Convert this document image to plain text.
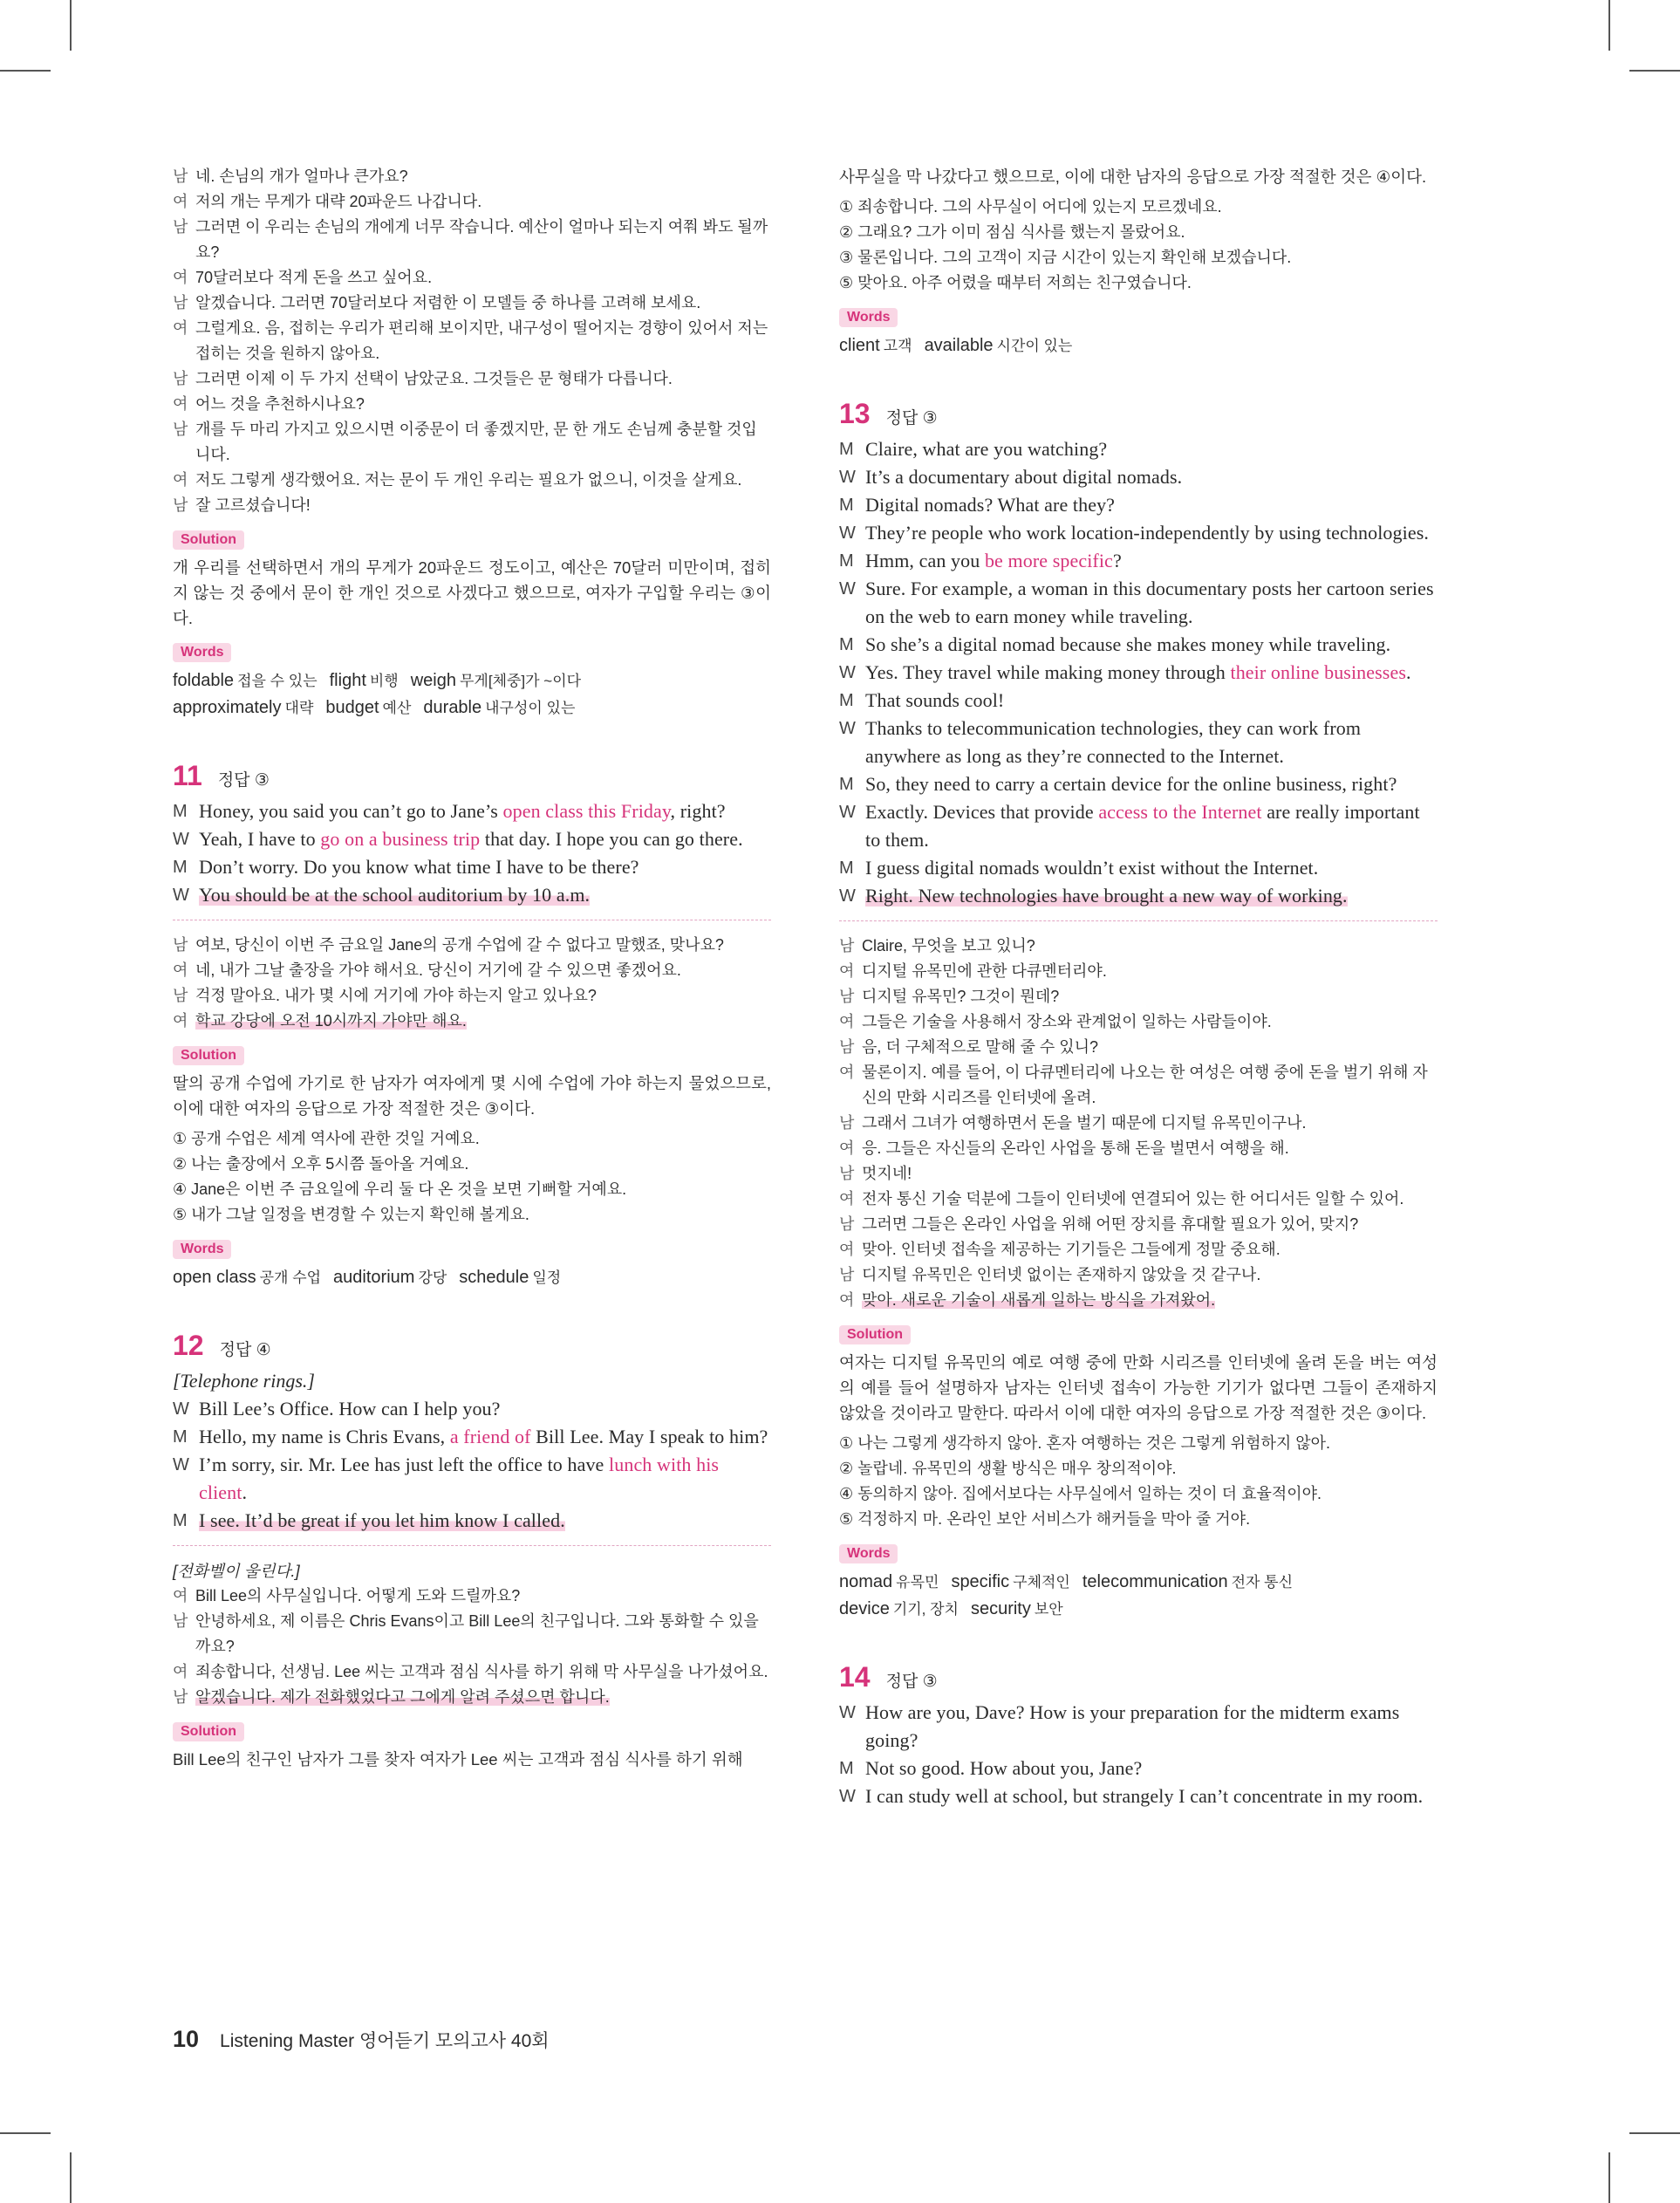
남 네. 손님의 개가 얼마나 큰가요?
여 저의 개는 무게가 대략 20파운드 나갑니다.
남 그러면 이 우리는 손님의 개에게 너무 작습니다. 예산이 얼마나 되는지 여쭤 봐도 될까요?
여 70달러보다 적게 돈을 쓰고 싶어요.
남 알겠습니다. 그러면 70달러보다 저렴한 이 모델들 중 하나를 고려해 보세요.
여 그럴게요. 음, 접히는 우리가 편리해 보이지만, 내구성이 떨어지는 경향이 있어서 저는 접히는 것을 원하지 않아요.
남 그러면 이제 이 두 가지 선택이 남았군요. 그것들은 문 형태가 다릅니다.
여 어느 것을 추천하시나요?
남 개를 두 마리 가지고 있으시면 이중문이 더 좋겠지만, 문 한 개도 손님께 충분할 것입니다.
여 저도 그렇게 생각했어요. 저는 문이 두 개인 우리는 필요가 없으니, 이것을 살게요.
남 잘 고르셨습니다!
Solution
개 우리를 선택하면서 개의 무게가 20파운드 정도이고, 예산은 70달러 미만이며, 접히지 않는 것 중에서 문이 한 개인 것으로 사겠다고 했으므로, 여자가 구입할 우리는 ③이다.
Words
foldable 접을 수 있는 flight 비행 weigh 무게[체중]가 ~이다
approximately 대략 budget 예산 durable 내구성이 있는
11 정답 ③
M Honey, you said you can’t go to Jane’s open class this Friday, right?
W Yeah, I have to go on a business trip that day. I hope you can go there.
M Don’t worry. Do you know what time I have to be there?
W You should be at the school auditorium by 10 a.m.
남 여보, 당신이 이번 주 금요일 Jane의 공개 수업에 갈 수 없다고 말했죠, 맞나요?
여 네, 내가 그날 출장을 가야 해서요. 당신이 거기에 갈 수 있으면 좋겠어요.
남 걱정 말아요. 내가 몇 시에 거기에 가야 하는지 알고 있나요?
여 학교 강당에 오전 10시까지 가야만 해요.
Solution
딸의 공개 수업에 가기로 한 남자가 여자에게 몇 시에 수업에 가야 하는지 물었으므로, 이에 대한 여자의 응답으로 가장 적절한 것은 ③이다.
① 공개 수업은 세계 역사에 관한 것일 거예요.
② 나는 출장에서 오후 5시쯤 돌아올 거예요.
④ Jane은 이번 주 금요일에 우리 둘 다 온 것을 보면 기뻐할 거예요.
⑤ 내가 그날 일정을 변경할 수 있는지 확인해 볼게요.
Words
open class 공개 수업 auditorium 강당 schedule 일정
12 정답 ④
[Telephone rings.]
W Bill Lee’s Office. How can I help you?
M Hello, my name is Chris Evans, a friend of Bill Lee. May I speak to him?
W I’m sorry, sir. Mr. Lee has just left the office to have lunch with his client.
M I see. It’d be great if you let him know I called.
[전화벨이 울린다.]
여 Bill Lee의 사무실입니다. 어떻게 도와 드릴까요?
남 안녕하세요, 제 이름은 Chris Evans이고 Bill Lee의 친구입니다. 그와 통화할 수 있을까요?
여 죄송합니다, 선생님. Lee 씨는 고객과 점심 식사를 하기 위해 막 사무실을 나가셨어요.
남 알겠습니다. 제가 전화했었다고 그에게 알려 주셨으면 합니다.
Solution
Bill Lee의 친구인 남자가 그를 찾자 여자가 Lee 씨는 고객과 점심 식사를 하기 위해
사무실을 막 나갔다고 했으므로, 이에 대한 남자의 응답으로 가장 적절한 것은 ④이다.
① 죄송합니다. 그의 사무실이 어디에 있는지 모르겠네요.
② 그래요? 그가 이미 점심 식사를 했는지 몰랐어요.
③ 물론입니다. 그의 고객이 지금 시간이 있는지 확인해 보겠습니다.
⑤ 맞아요. 아주 어렸을 때부터 저희는 친구였습니다.
Words
client 고객 available 시간이 있는
13 정답 ③
M Claire, what are you watching?
W It’s a documentary about digital nomads.
M Digital nomads? What are they?
W They’re people who work location-independently by using technologies.
M Hmm, can you be more specific?
W Sure. For example, a woman in this documentary posts her cartoon series on the web to earn money while traveling.
M So she’s a digital nomad because she makes money while traveling.
W Yes. They travel while making money through their online businesses.
M That sounds cool!
W Thanks to telecommunication technologies, they can work from anywhere as long as they’re connected to the Internet.
M So, they need to carry a certain device for the online business, right?
W Exactly. Devices that provide access to the Internet are really important to them.
M I guess digital nomads wouldn’t exist without the Internet.
W Right. New technologies have brought a new way of working.
남 Claire, 무엇을 보고 있니?
여 디지털 유목민에 관한 다큐멘터리야.
남 디지털 유목민? 그것이 뭔데?
여 그들은 기술을 사용해서 장소와 관계없이 일하는 사람들이야.
남 음, 더 구체적으로 말해 줄 수 있니?
여 물론이지. 예를 들어, 이 다큐멘터리에 나오는 한 여성은 여행 중에 돈을 벌기 위해 자신의 만화 시리즈를 인터넷에 올려.
남 그래서 그녀가 여행하면서 돈을 벌기 때문에 디지털 유목민이구나.
여 응. 그들은 자신들의 온라인 사업을 통해 돈을 벌면서 여행을 해.
남 멋지네!
여 전자 통신 기술 덕분에 그들이 인터넷에 연결되어 있는 한 어디서든 일할 수 있어.
남 그러면 그들은 온라인 사업을 위해 어떤 장치를 휴대할 필요가 있어, 맞지?
여 맞아. 인터넷 접속을 제공하는 기기들은 그들에게 정말 중요해.
남 디지털 유목민은 인터넷 없이는 존재하지 않았을 것 같구나.
여 맞아. 새로운 기술이 새롭게 일하는 방식을 가져왔어.
Solution
여자는 디지털 유목민의 예로 여행 중에 만화 시리즈를 인터넷에 올려 돈을 버는 여성의 예를 들어 설명하자 남자는 인터넷 접속이 가능한 기기가 없다면 그들이 존재하지 않았을 것이라고 말한다. 따라서 이에 대한 여자의 응답으로 가장 적절한 것은 ③이다.
① 나는 그렇게 생각하지 않아. 혼자 여행하는 것은 그렇게 위험하지 않아.
② 놀랍네. 유목민의 생활 방식은 매우 창의적이야.
④ 동의하지 않아. 집에서보다는 사무실에서 일하는 것이 더 효율적이야.
⑤ 걱정하지 마. 온라인 보안 서비스가 해커들을 막아 줄 거야.
Words
nomad 유목민 specific 구체적인 telecommunication 전자 통신
device 기기, 장치 security 보안
14 정답 ③
W How are you, Dave? How is your preparation for the midterm exams going?
M Not so good. How about you, Jane?
W I can study well at school, but strangely I can’t concentrate in my room.
10 Listening Master 영어듣기 모의고사 40회
